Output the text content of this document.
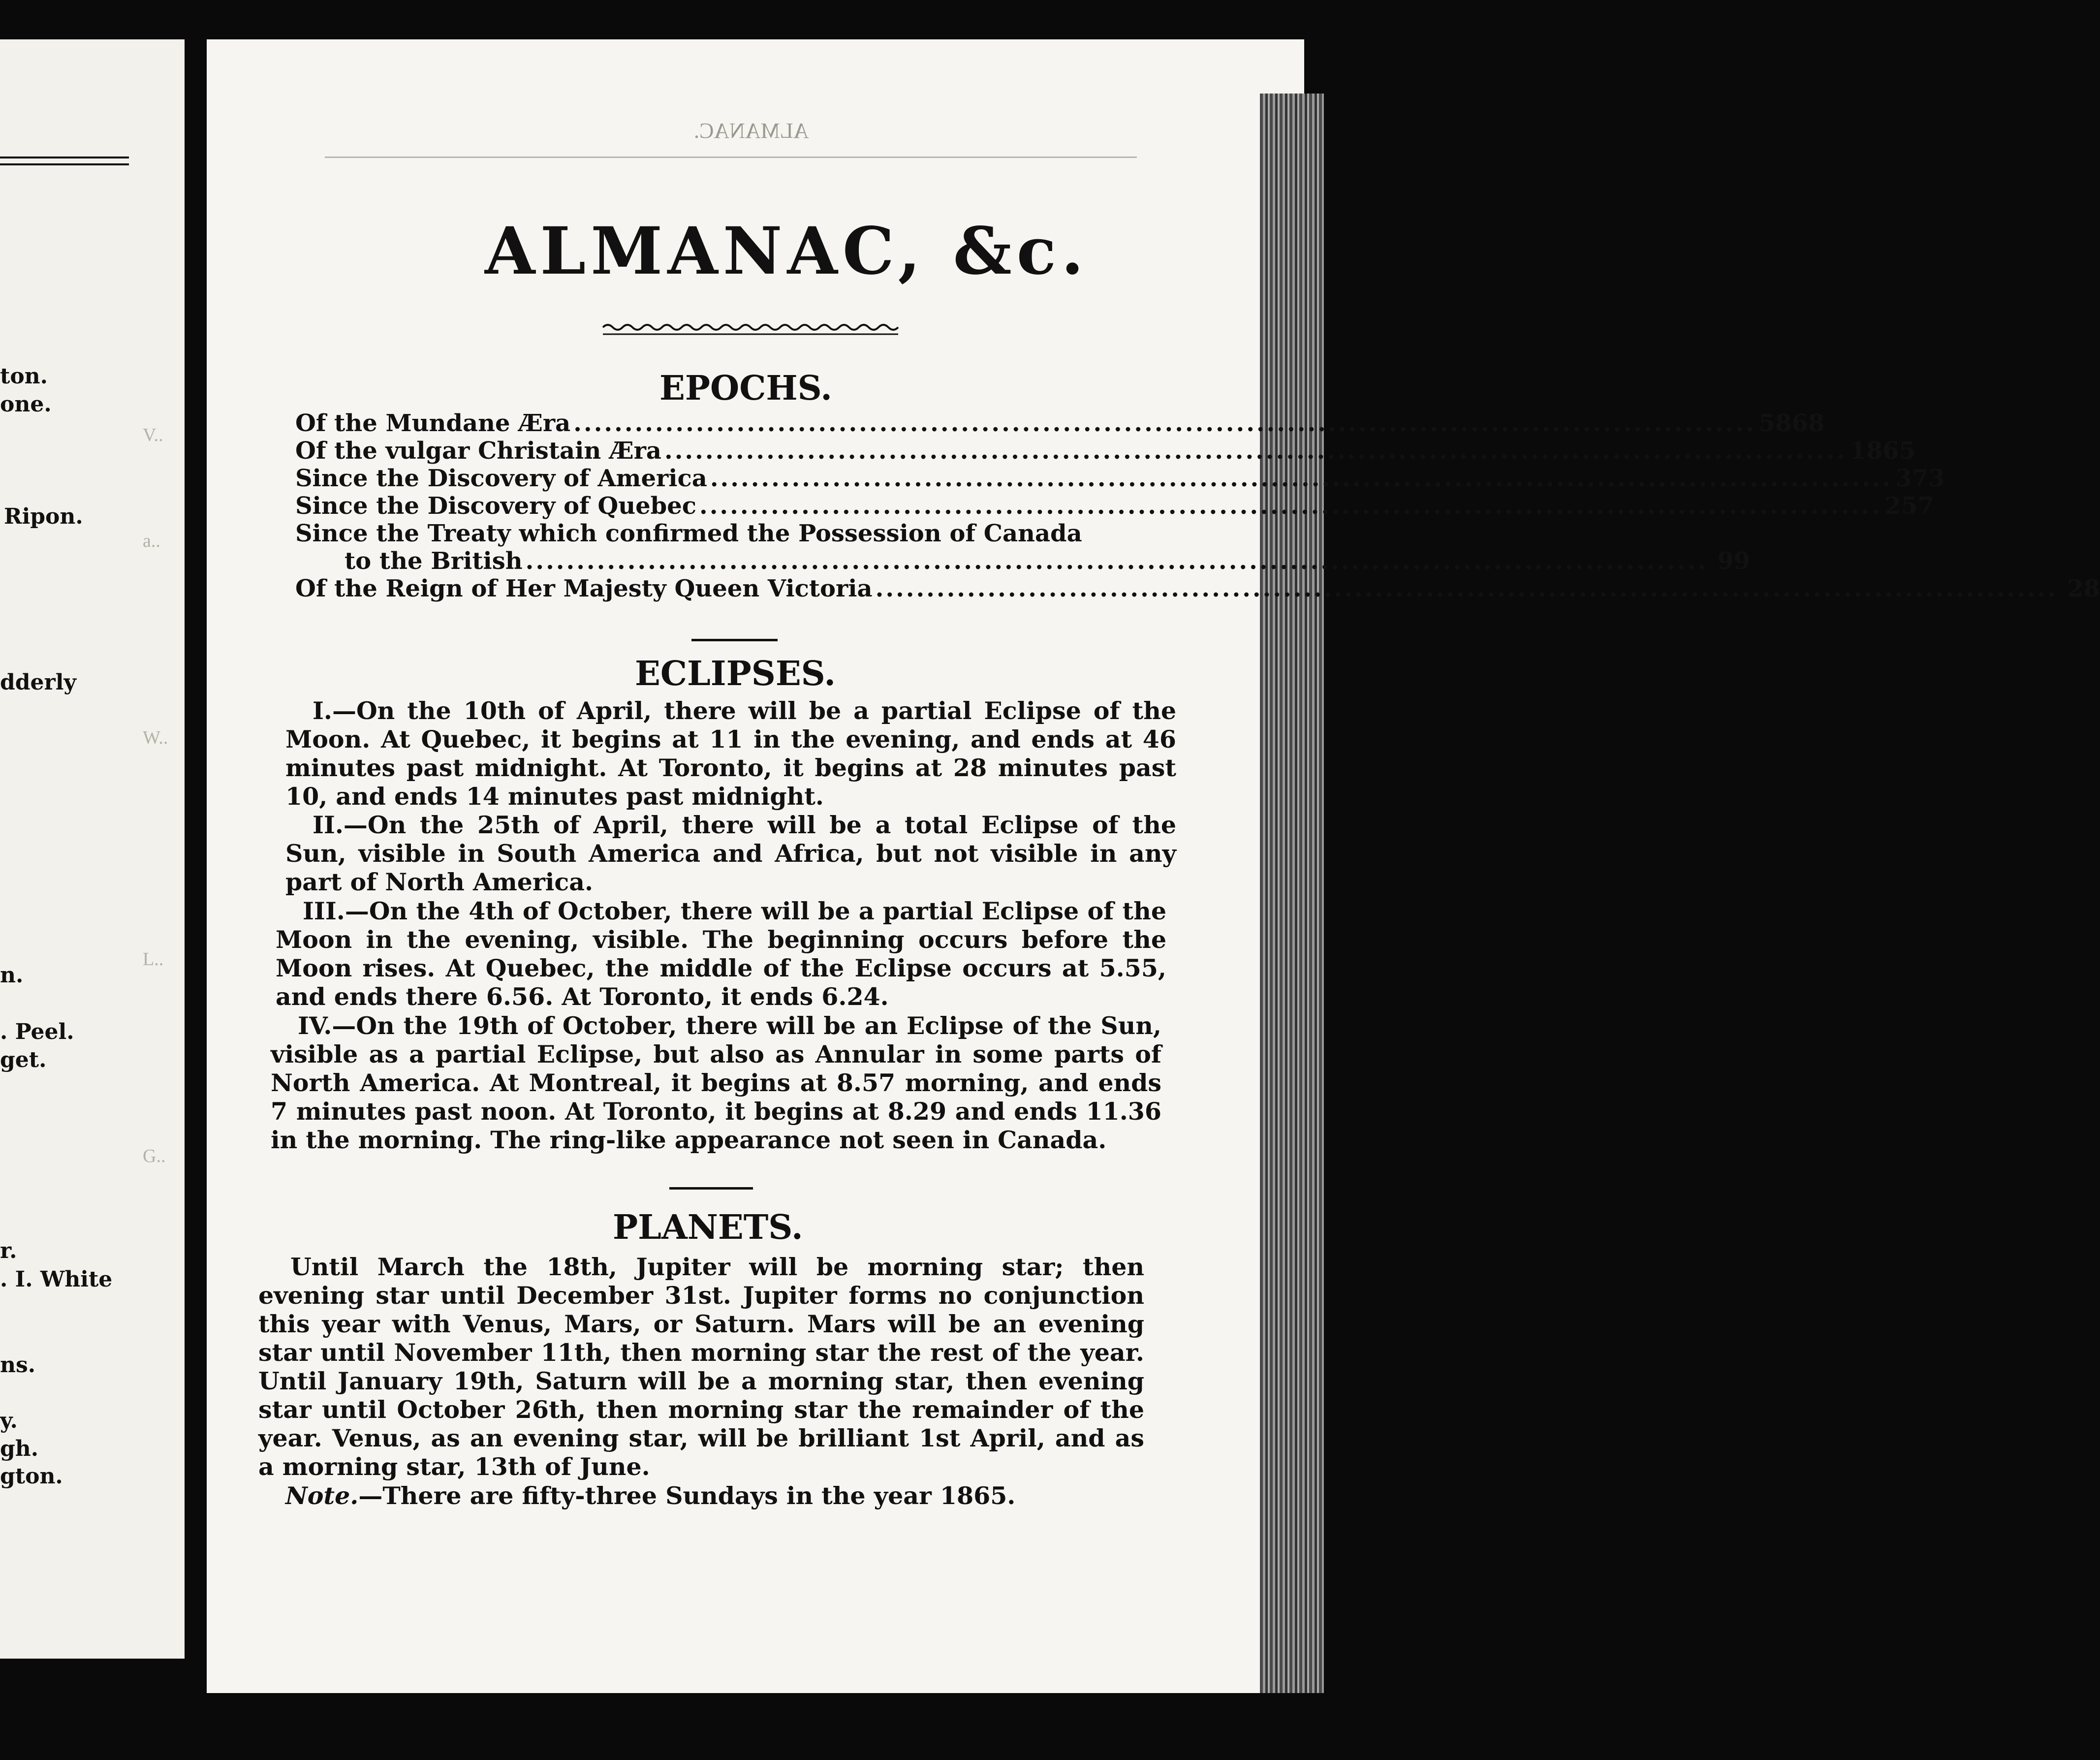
V..
a..
W..
L..
G..
ton.
one.
Ripon.
dderly
n.
. Peel.
get.
r.
. I. White
ns.
y.
gh.
gton.
ALMANAC.
ALMANAC, &c.
EPOCHS.
Of the Mundane Æra .................................................................................................................... 5868
Of the vulgar Christain Æra .................................................................................................................... 1865
Since the Discovery of America .................................................................................................................... 373
Since the Discovery of Quebec .................................................................................................................... 257
Since the Treaty which confirmed the Possession of Canada
to the British .................................................................................................................... 99
Of the Reign of Her Majesty Queen Victoria .................................................................................................................... 28
ECLIPSES.

I.—On the 10th of April, there will be a partial Eclipse of the Moon. At Quebec, it begins at 11 in the evening, and ends at 46 minutes past midnight. At Toronto, it begins at 28 minutes past 10, and ends 14 minutes past midnight.

II.—On the 25th of April, there will be a total Eclipse of the Sun, visible in South America and Africa, but not visible in any part of North America.

III.—On the 4th of October, there will be a partial Eclipse of the Moon in the evening, visible. The beginning occurs before the Moon rises. At Quebec, the middle of the Eclipse occurs at 5.55, and ends there 6.56. At Toronto, it ends 6.24.

IV.—On the 19th of October, there will be an Eclipse of the Sun, visible as a partial Eclipse, but also as Annular in some parts of North America. At Montreal, it begins at 8.57 morning, and ends 7 minutes past noon. At Toronto, it begins at 8.29 and ends 11.36 in the morning. The ring-like appearance not seen in Canada.

PLANETS.

Until March the 18th, Jupiter will be morning star; then evening star until December 31st. Jupiter forms no conjunction this year with Venus, Mars, or Saturn. Mars will be an evening star until November 11th, then morning star the rest of the year. Until January 19th, Saturn will be a morning star, then evening star until October 26th, then morning star the remainder of the year. Venus, as an evening star, will be brilliant 1st April, and as a morning star, 13th of June.

Note.—There are fifty-three Sundays in the year 1865.
